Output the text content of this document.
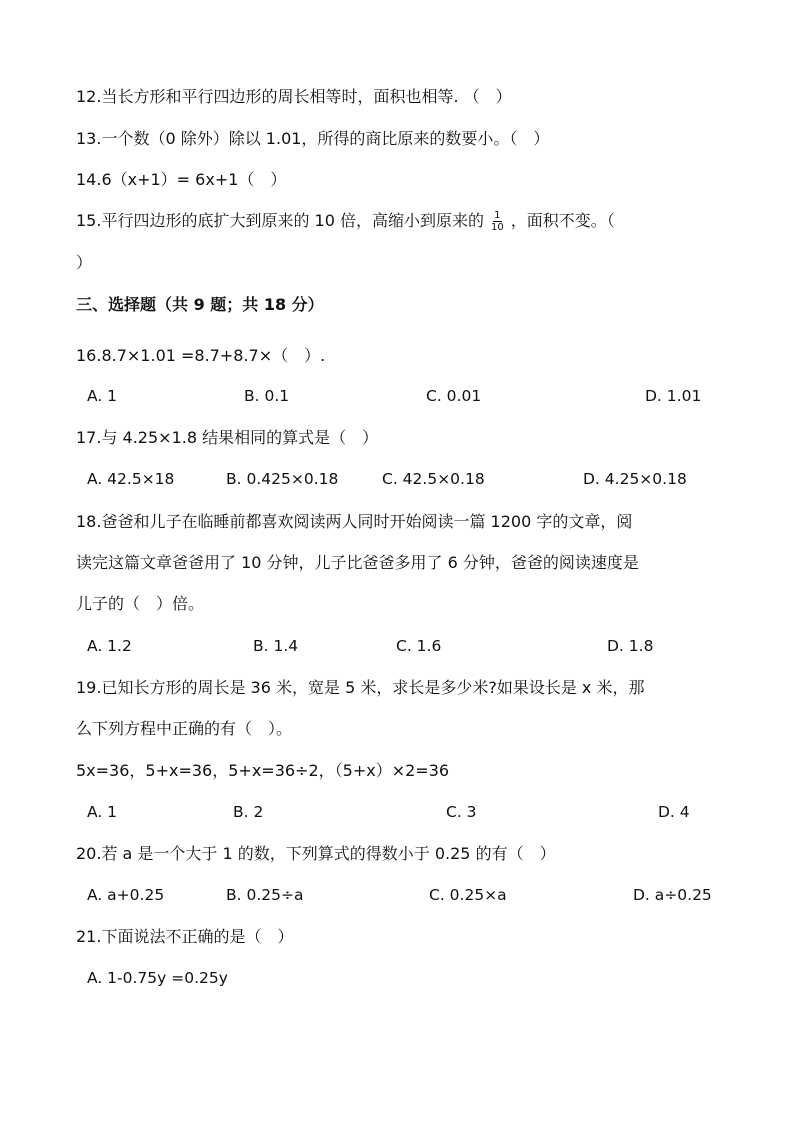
12.当长方形和平行四边形的周长相等时，面积也相等. （　）
13.一个数（0 除外）除以 1.01，所得的商比原来的数要小。（　）
14.6（x+1）= 6x+1（　）
15.平行四边形的底扩大到原来的 10 倍，高缩小到原来的 $\frac{1}{10}$ ，面积不变。（
）
三、选择题（共 9 题；共 18 分）
16.8.7×1.01 =8.7+8.7×（　）.
A. 1	B. 0.1	C. 0.01	D. 1.01
17.与 4.25×1.8 结果相同的算式是（　）
A. 42.5×18	B. 0.425×0.18	C. 42.5×0.18	D. 4.25×0.18
18.爸爸和儿子在临睡前都喜欢阅读两人同时开始阅读一篇 1200 字的文章，阅
读完这篇文章爸爸用了 10 分钟，儿子比爸爸多用了 6 分钟，爸爸的阅读速度是
儿子的（　）倍。
A. 1.2	B. 1.4	C. 1.6	D. 1.8
19.已知长方形的周长是 36 米，宽是 5 米，求长是多少米?如果设长是 x 米，那
么下列方程中正确的有（　）。
5x=36，5+x=36，5+x=36÷2，（5+x）×2=36
A. 1	B. 2	C. 3	D. 4
20.若 a 是一个大于 1 的数，下列算式的得数小于 0.25 的有（　）
A. a+0.25	B. 0.25÷a	C. 0.25×a	D. a÷0.25
21.下面说法不正确的是（　）
A. 1-0.75y =0.25y
